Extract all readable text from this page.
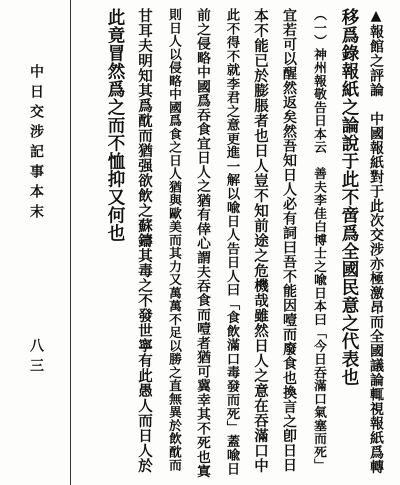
▲報館之評論　中國報紙對于此次交涉亦極激昂而全國議論輒視報紙爲轉
移爲錄報紙之論說于此不啻爲全國民意之代表也
（一）神州報敬告日本云　善夫李佳白博士之喩日本曰「今日吞滿口氣塞而死」
宜若可以醒然返矣然吾知日人必有詞曰吾不能因噎而廢食也換言之卽日日
本不能已於膨脹者也日人豈不知前途之危機哉雖然日人之意在吞滿口中
此不得不就李君之意更進一解以喩日人告日人曰「食飲滿口毒發而死」蓋喩日
前之侵略中國爲吞食宜日人之猶有倖心謂夫吞食而噎者猶可冀幸其不死也寘
則日人以侵略中國爲食之日人猶與歐美而其力又萬萬不足以勝之直無異於飲酖而
甘耳夫明知其爲酖而猶强欲飲之蘇鑄其毒之不發世寧有此愚人而日人於
此竟冒然爲之而不恤抑又何也
中日交涉記事本末
八三
